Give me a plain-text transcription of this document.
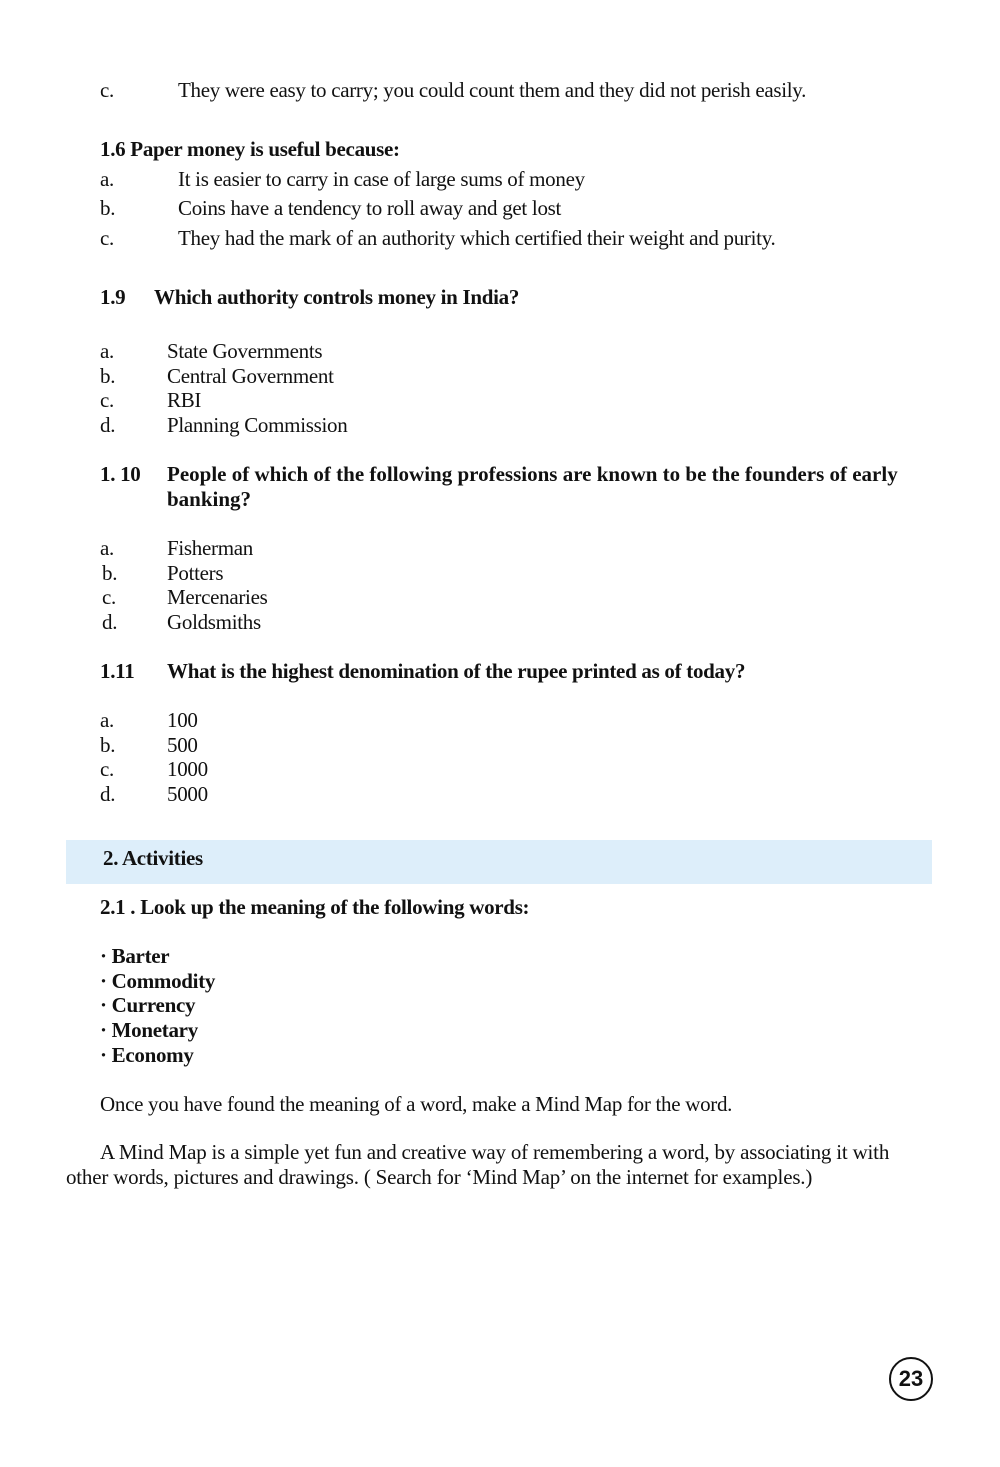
c.	They were easy to carry; you could count them and they did not perish easily.
1.6 Paper money is useful because:
a.	It is easier to carry in case of large sums of money
b.	Coins have a tendency to roll away and get lost
c.	They had the mark of an authority which certified their weight and purity.
1.9 Which authority controls money in India?
a.	State Governments
b. Central Government
c.	RBI
d. Planning Commission
1. 10 People of which of the following professions are known to be the founders of early banking?
a.	Fisherman
b. Potters
c. Mercenaries
d. Goldsmiths
1.11 What is the highest denomination of the rupee printed as of today?
a.	100
b. 500
c.	1000
d. 5000
2. Activities
2.1 . Look up the meaning of the following words:
· Barter
· Commodity
· Currency
· Monetary
· Economy
Once you have found the meaning of a word, make a Mind Map for the word.
A Mind Map is a simple yet fun and creative way of remembering a word, by associating it with other words, pictures and drawings. ( Search for ‘Mind Map’ on the internet for examples.)
23
